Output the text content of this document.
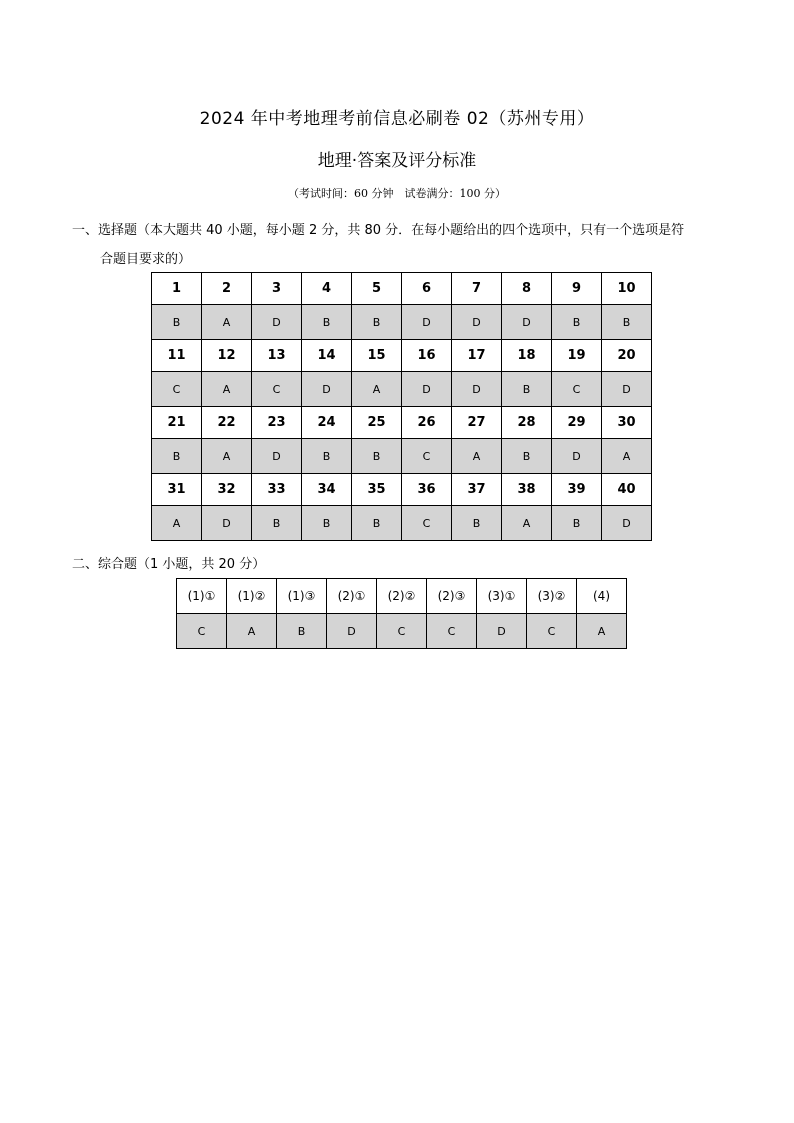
2024 年中考地理考前信息必刷卷 02（苏州专用）
地理·答案及评分标准
（考试时间：60 分钟　试卷满分：100 分）
一、选择题（本大题共 40 小题，每小题 2 分，共 80 分．在每小题给出的四个选项中，只有一个选项是符
合题目要求的）
1	2	3	4	5	6	7	8	9	10
B	A	D	B	B	D	D	D	B	B
11	12	13	14	15	16	17	18	19	20
C	A	C	D	A	D	D	B	C	D
21	22	23	24	25	26	27	28	29	30
B	A	D	B	B	C	A	B	D	A
31	32	33	34	35	36	37	38	39	40
A	D	B	B	B	C	B	A	B	D
二、综合题（1 小题，共 20 分）
(1)①	(1)②	(1)③	(2)①	(2)②	(2)③	(3)①	(3)②	(4)
C	A	B	D	C	C	D	C	A
